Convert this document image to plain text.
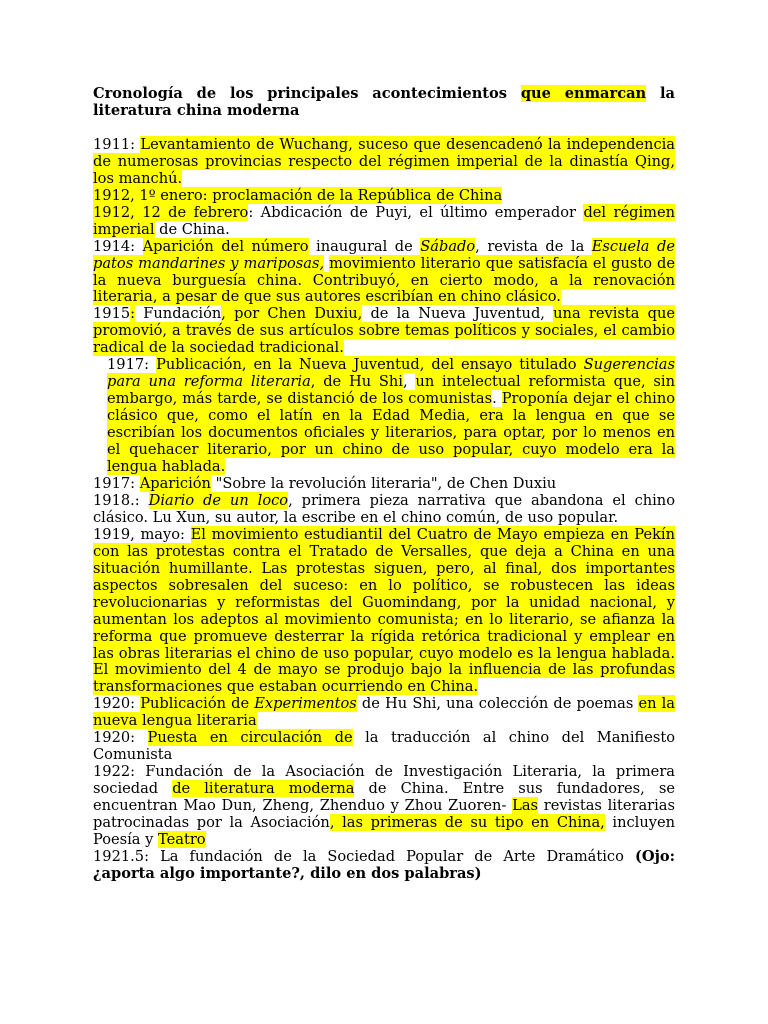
Cronología de los principales acontecimientos que enmarcan la literatura china moderna
1911: Levantamiento de Wuchang, suceso que desencadenó la independencia de numerosas provincias respecto del régimen imperial de la dinastía Qing, los manchú.
1912, 1º enero: proclamación de la República de China
1912, 12 de febrero: Abdicación de Puyi, el último emperador del régimen imperial de China.
1914: Aparición del número inaugural de Sábado, revista de la Escuela de patos mandarines y mariposas, movimiento literario que satisfacía el gusto de la nueva burguesía china. Contribuyó, en cierto modo, a la renovación literaria, a pesar de que sus autores escribían en chino clásico.
1915: Fundación, por Chen Duxiu, de la Nueva Juventud, una revista que promovió, a través de sus artículos sobre temas políticos y sociales, el cambio radical de la sociedad tradicional.
1917: Publicación, en la Nueva Juventud, del ensayo titulado Sugerencias para una reforma literaria, de Hu Shi, un intelectual reformista que, sin embargo, más tarde, se distanció de los comunistas. Proponía dejar el chino clásico que, como el latín en la Edad Media, era la lengua en que se escribían los documentos oficiales y literarios, para optar, por lo menos en el quehacer literario, por un chino de uso popular, cuyo modelo era la lengua hablada.
1917: Aparición "Sobre la revolución literaria", de Chen Duxiu
1918.: Diario de un loco, primera pieza narrativa que abandona el chino clásico. Lu Xun, su autor, la escribe en el chino común, de uso popular.
1919, mayo: El movimiento estudiantil del Cuatro de Mayo empieza en Pekín con las protestas contra el Tratado de Versalles, que deja a China en una situación humillante. Las protestas siguen, pero, al final, dos importantes aspectos sobresalen del suceso: en lo político, se robustecen las ideas revolucionarias y reformistas del Guomindang, por la unidad nacional, y aumentan los adeptos al movimiento comunista; en lo literario, se afianza la reforma que promueve desterrar la rígida retórica tradicional y emplear en las obras literarias el chino de uso popular, cuyo modelo es la lengua hablada. El movimiento del 4 de mayo se produjo bajo la influencia de las profundas transformaciones que estaban ocurriendo en China.
1920: Publicación de Experimentos de Hu Shi, una colección de poemas en la nueva lengua literaria
1920: Puesta en circulación de la traducción al chino del Manifiesto Comunista
1922: Fundación de la Asociación de Investigación Literaria, la primera sociedad de literatura moderna de China. Entre sus fundadores, se encuentran Mao Dun, Zheng, Zhenduo y Zhou Zuoren- Las revistas literarias patrocinadas por la Asociación, las primeras de su tipo en China, incluyen Poesía y Teatro
1921.5: La fundación de la Sociedad Popular de Arte Dramático (Ojo: ¿aporta algo importante?, dilo en dos palabras)
